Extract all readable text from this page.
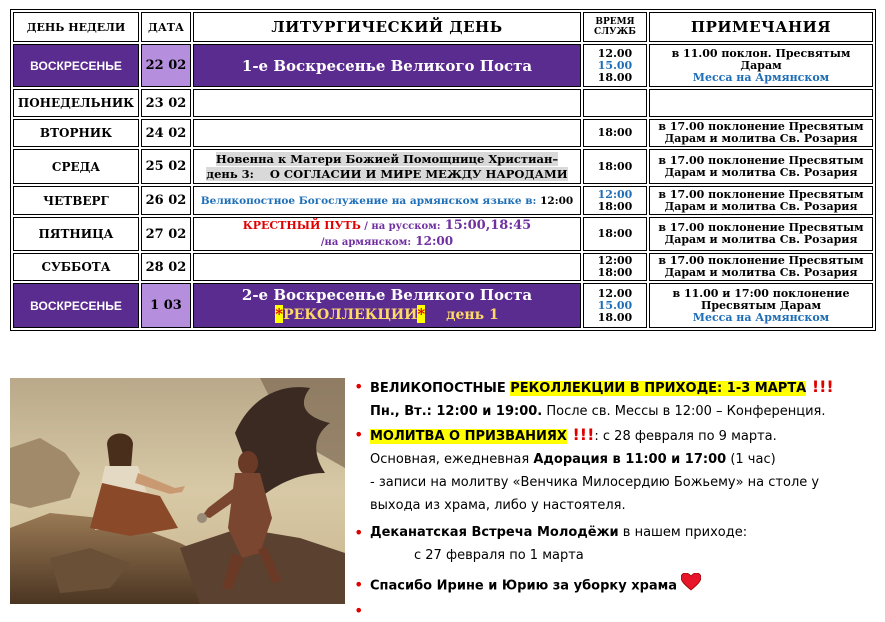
ДЕНЬ НЕДЕЛИ	ДАТА	ЛИТУРГИЧЕСКИЙ ДЕНЬ	ВРЕМЯ
СЛУЖБ	ПРИМЕЧАНИЯ
ВОСКРЕСЕНЬЕ	22 02	1-е Воскресенье Великого Поста	12.00
15.00
18.00	в 11.00 поклон. Пресвятым Дарам
Месса на Армянском
ПОНЕДЕЛЬНИК	23 02			
ВТОРНИК	24 02		18:00	в 17.00 поклонение Пресвятым
Дарам и молитва Св. Розария
СРЕДА	25 02	Новенна к Матери Божией Помощнице Христиан–
день 3:    О СОГЛАСИИ И МИРЕ МЕЖДУ НАРОДАМИ	18:00	в 17.00 поклонение Пресвятым
Дарам и молитва Св. Розария
ЧЕТВЕРГ	26 02	Великопостное Богослужение на армянском языке в: 12:00	12:00
18:00	в 17.00 поклонение Пресвятым
Дарам и молитва Св. Розария
ПЯТНИЦА	27 02	КРЕСТНЫЙ ПУТЬ / на русском: 15:00,18:45
/на армянском: 12:00	18:00	в 17.00 поклонение Пресвятым
Дарам и молитва Св. Розария
СУББОТА	28 02		12:00
18:00	в 17.00 поклонение Пресвятым
Дарам и молитва Св. Розария
ВОСКРЕСЕНЬЕ	1 03	2-е Воскресенье Великого Поста
*РЕКОЛЛЕКЦИИ* день 1	12.00
15.00
18.00	в 11.00 и 17:00 поклонение
Пресвятым Дарам
Месса на Армянском
• ВЕЛИКОПОСТНЫЕ РЕКОЛЛЕКЦИИ В ПРИХОДЕ: 1-3 МАРТА !!!
Пн., Вт.: 12:00 и 19:00. После св. Мессы в 12:00 – Конференция.
• МОЛИТВА О ПРИЗВАНИЯХ !!!: с 28 февраля по 9 марта.
Основная, ежедневная Адорация в 11:00 и 17:00 (1 час)
- записи на молитву «Венчика Милосердию Божьему» на столе у
выхода из храма, либо у настоятеля.
• Деканатская Встреча Молодёжи в нашем приходе:
с 27 февраля по 1 марта
• Спасибо Ирине и Юрию за уборку храма
•
